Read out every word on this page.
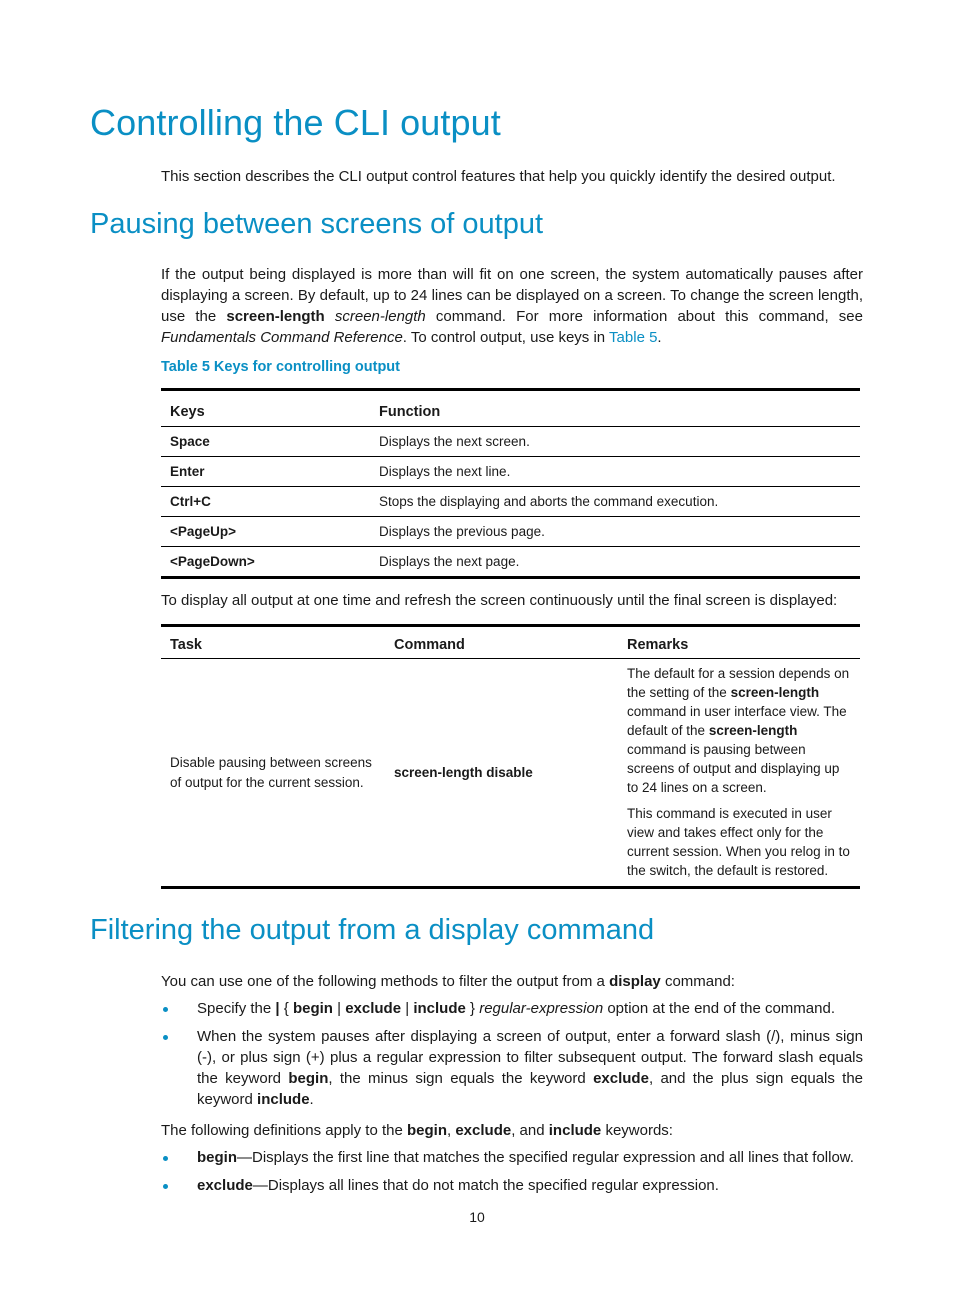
Controlling the CLI output

This section describes the CLI output control features that help you quickly identify the desired output.

Pausing between screens of output

If the output being displayed is more than will fit on one screen, the system automatically pauses after displaying a screen. By default, up to 24 lines can be displayed on a screen. To change the screen length, use the screen-length screen-length command. For more information about this command, see Fundamentals Command Reference. To control output, use keys in Table 5.

Table 5 Keys for controlling output
Keys	Function
Space	Displays the next screen.
Enter	Displays the next line.
Ctrl+C	Stops the displaying and aborts the command execution.
<PageUp>	Displays the previous page.
<PageDown>	Displays the next page.

To display all output at one time and refresh the screen continuously until the final screen is displayed:

Task	Command	Remarks
Disable pausing between screens of output for the current session.	screen-length disable	The default for a session depends on the setting of the screen-length command in user interface view. The default of the screen-length command is pausing between screens of output and displaying up to 24 lines on a screen.

This command is executed in user view and takes effect only for the current session. When you relog in to the switch, the default is restored.

Filtering the output from a display command

You can use one of the following methods to filter the output from a display command:

Specify the | { begin | exclude | include } regular-expression option at the end of the command.
When the system pauses after displaying a screen of output, enter a forward slash (/), minus sign (-), or plus sign (+) plus a regular expression to filter subsequent output. The forward slash equals the keyword begin, the minus sign equals the keyword exclude, and the plus sign equals the keyword include.

The following definitions apply to the begin, exclude, and include keywords:

begin—Displays the first line that matches the specified regular expression and all lines that follow.
exclude—Displays all lines that do not match the specified regular expression.
10
